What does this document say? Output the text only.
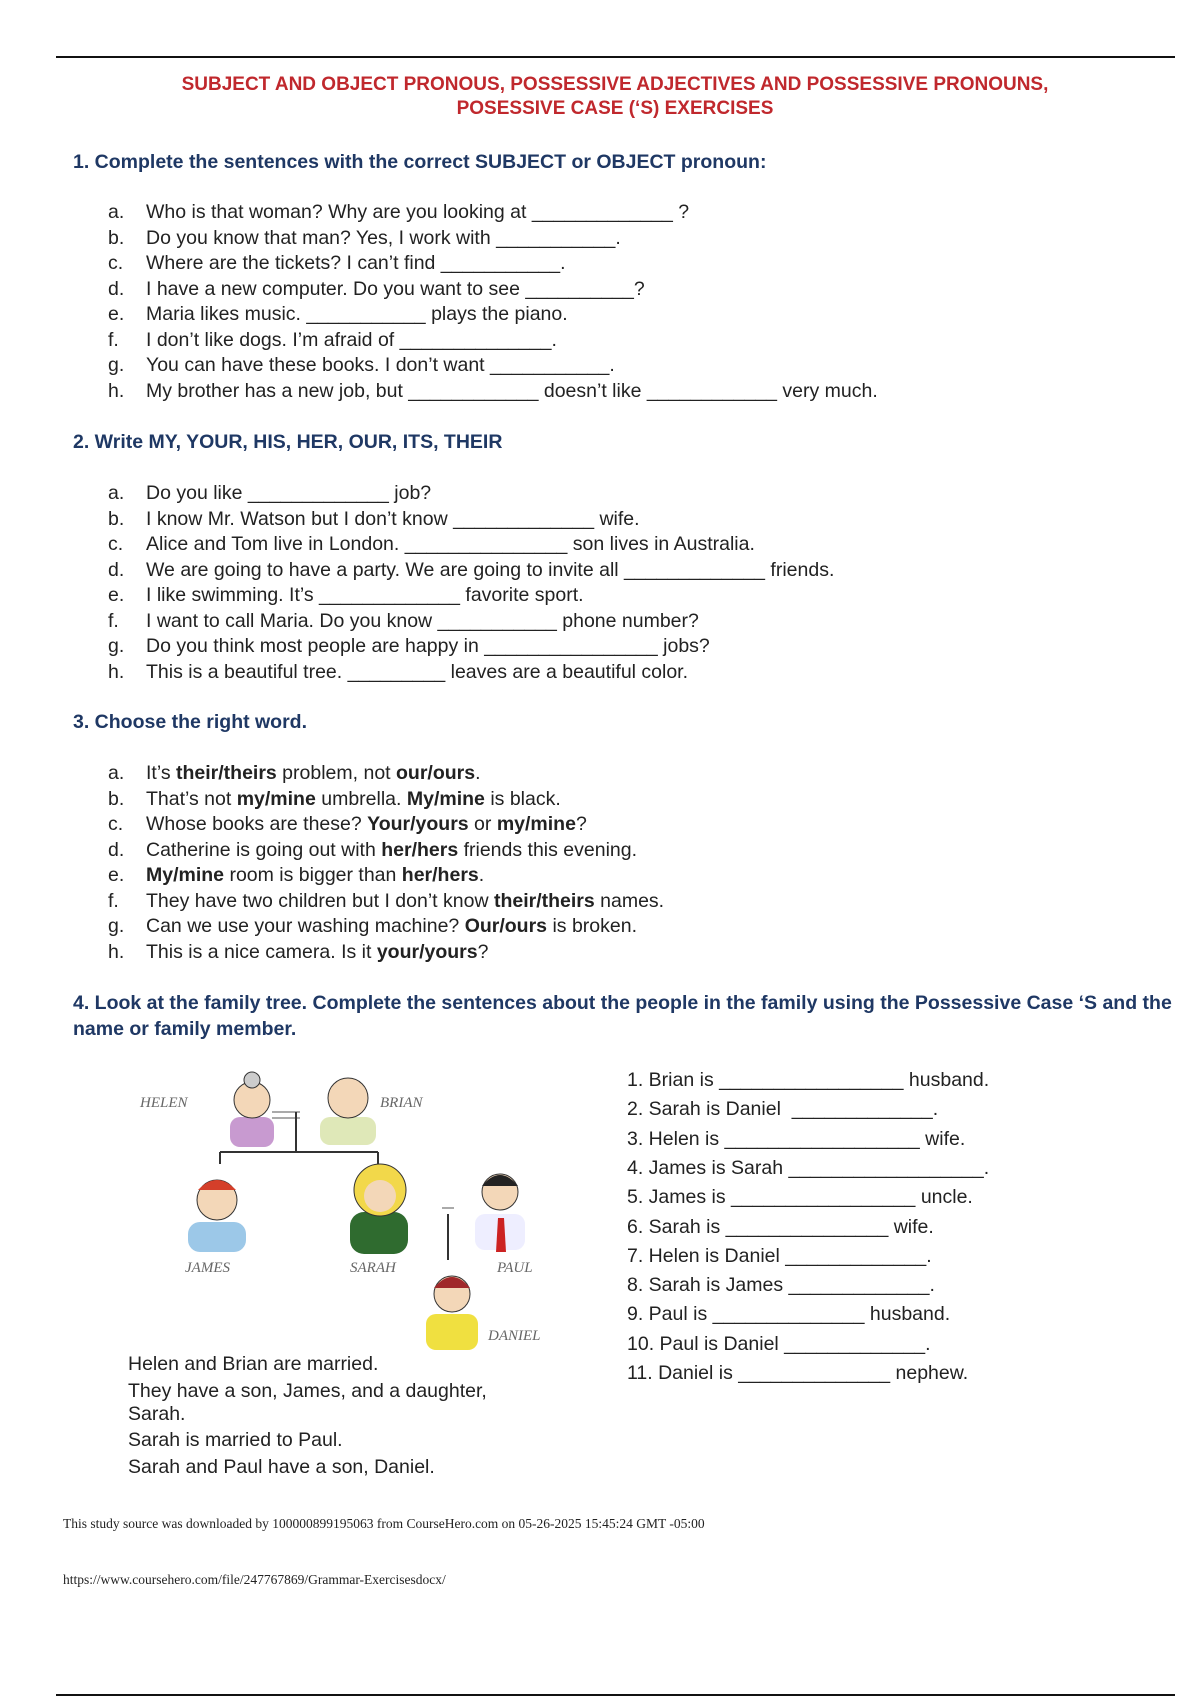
SUBJECT AND OBJECT PRONOUS, POSSESSIVE ADJECTIVES AND POSSESSIVE PRONOUNS,
POSESSIVE CASE (‘S) EXERCISES
1. Complete the sentences with the correct SUBJECT or OBJECT pronoun:
a. Who is that woman? Why are you looking at _____________ ?
b. Do you know that man? Yes, I work with ___________.
c. Where are the tickets? I can’t find ___________.
d. I have a new computer. Do you want to see __________?
e. Maria likes music. ___________ plays the piano.
f. I don’t like dogs. I’m afraid of ______________.
g. You can have these books. I don’t want ___________.
h. My brother has a new job, but ____________ doesn’t like ____________ very much.
2. Write MY, YOUR, HIS, HER, OUR, ITS, THEIR
a. Do you like _____________ job?
b. I know Mr. Watson but I don’t know _____________ wife.
c. Alice and Tom live in London. _______________ son lives in Australia.
d. We are going to have a party. We are going to invite all _____________ friends.
e. I like swimming. It’s _____________ favorite sport.
f. I want to call Maria. Do you know ___________ phone number?
g. Do you think most people are happy in ________________ jobs?
h. This is a beautiful tree. _________ leaves are a beautiful color.
3. Choose the right word.
a. It’s their/theirs problem, not our/ours.
b. That’s not my/mine umbrella. My/mine is black.
c. Whose books are these? Your/yours or my/mine?
d. Catherine is going out with her/hers friends this evening.
e. My/mine room is bigger than her/hers.
f. They have two children but I don’t know their/theirs names.
g. Can we use your washing machine? Our/ours is broken.
h. This is a nice camera. Is it your/yours?
4. Look at the family tree. Complete the sentences about the people in the family using the Possessive Case ‘S and the name or family member.
HELEN	BRIAN
JAMES	SARAH	PAUL
DANIEL
Helen and Brian are married.
They have a son, James, and a daughter,
Sarah.
Sarah is married to Paul.
Sarah and Paul have a son, Daniel.
1. Brian is _________________ husband.
2. Sarah is Daniel  _____________.
3. Helen is __________________ wife.
4. James is Sarah __________________.
5. James is _________________ uncle.
6. Sarah is _______________ wife.
7. Helen is Daniel _____________.
8. Sarah is James _____________.
9. Paul is ______________ husband.
10. Paul is Daniel _____________.
11. Daniel is ______________ nephew.
This study source was downloaded by 100000899195063 from CourseHero.com on 05-26-2025 15:45:24 GMT -05:00
https://www.coursehero.com/file/247767869/Grammar-Exercisesdocx/
